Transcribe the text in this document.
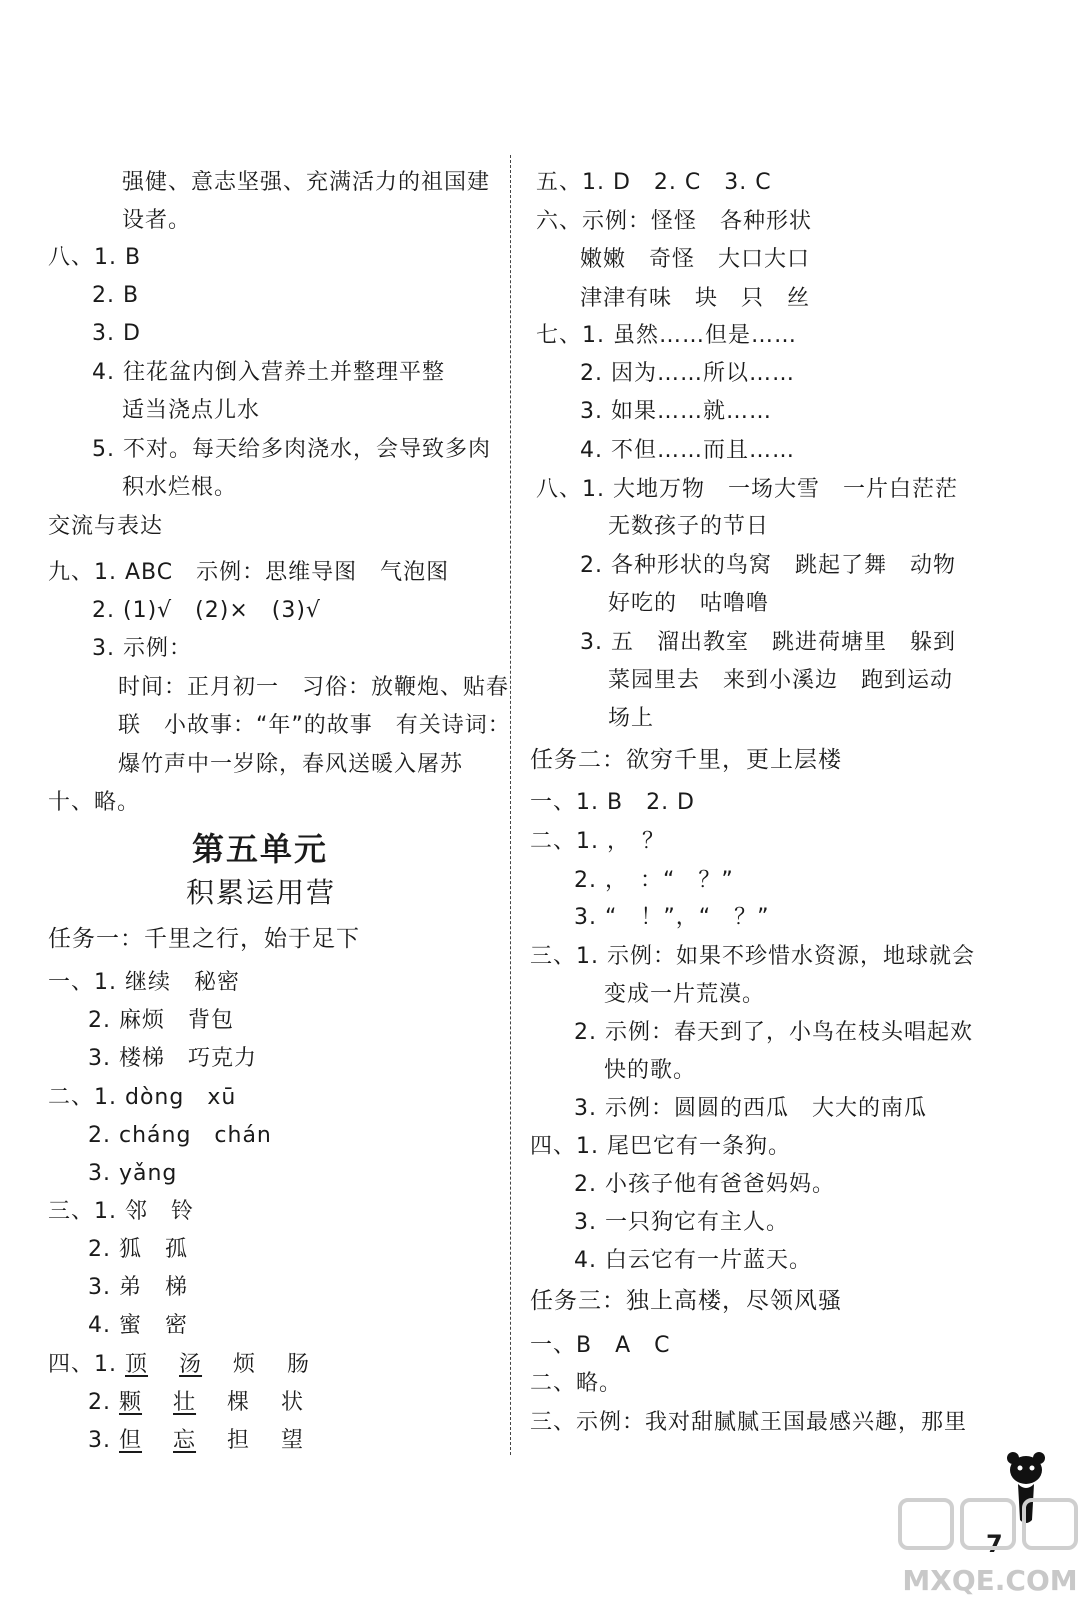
强健、意志坚强、充满活力的祖国建
设者。
八、1. B
2. B
3. D
4. 往花盆内倒入营养土并整理平整
适当浇点儿水
5. 不对。每天给多肉浇水，会导致多肉
积水烂根。
交流与表达
九、1. ABC　示例：思维导图　气泡图
2. (1)√　(2)×　(3)√
3. 示例：
时间：正月初一　习俗：放鞭炮、贴春
联　小故事：“年”的故事　有关诗词：
爆竹声中一岁除，春风送暖入屠苏
十、略。
第五单元
积累运用营
任务一：千里之行，始于足下
一、1. 继续　秘密
2. 麻烦　背包
3. 楼梯　巧克力
二、1. dòng　xū
2. cháng　chán
3. yǎng
三、1. 邻　铃
2. 狐　孤
3. 弟　梯
4. 蜜　密
四、1. 顶　 汤　 烦　 肠
2. 颗　 壮　 棵　 状
3. 但　 忘　 担　 望
五、1. D　2. C　3. C
六、示例：怪怪　各种形状
嫩嫩　奇怪　大口大口
津津有味　块　只　丝
七、1. 虽然……但是……
2. 因为……所以……
3. 如果……就……
4. 不但……而且……
八、1. 大地万物　一场大雪　一片白茫茫
无数孩子的节日
2. 各种形状的鸟窝　跳起了舞　动物
好吃的　咕噜噜
3. 五　溜出教室　跳进荷塘里　躲到
菜园里去　来到小溪边　跑到运动
场上
任务二：欲穷千里，更上层楼
一、1. B　2. D
二、1. ，　？
2. ，　：“　？”
3. “　！”，“　？”
三、1. 示例：如果不珍惜水资源，地球就会
变成一片荒漠。
2. 示例：春天到了，小鸟在枝头唱起欢
快的歌。
3. 示例：圆圆的西瓜　大大的南瓜
四、1. 尾巴它有一条狗。
2. 小孩子他有爸爸妈妈。
3. 一只狗它有主人。
4. 白云它有一片蓝天。
任务三：独上高楼，尽领风骚
一、B　A　C
二、略。
三、示例：我对甜腻腻王国最感兴趣，那里
7
MXQE.COM
